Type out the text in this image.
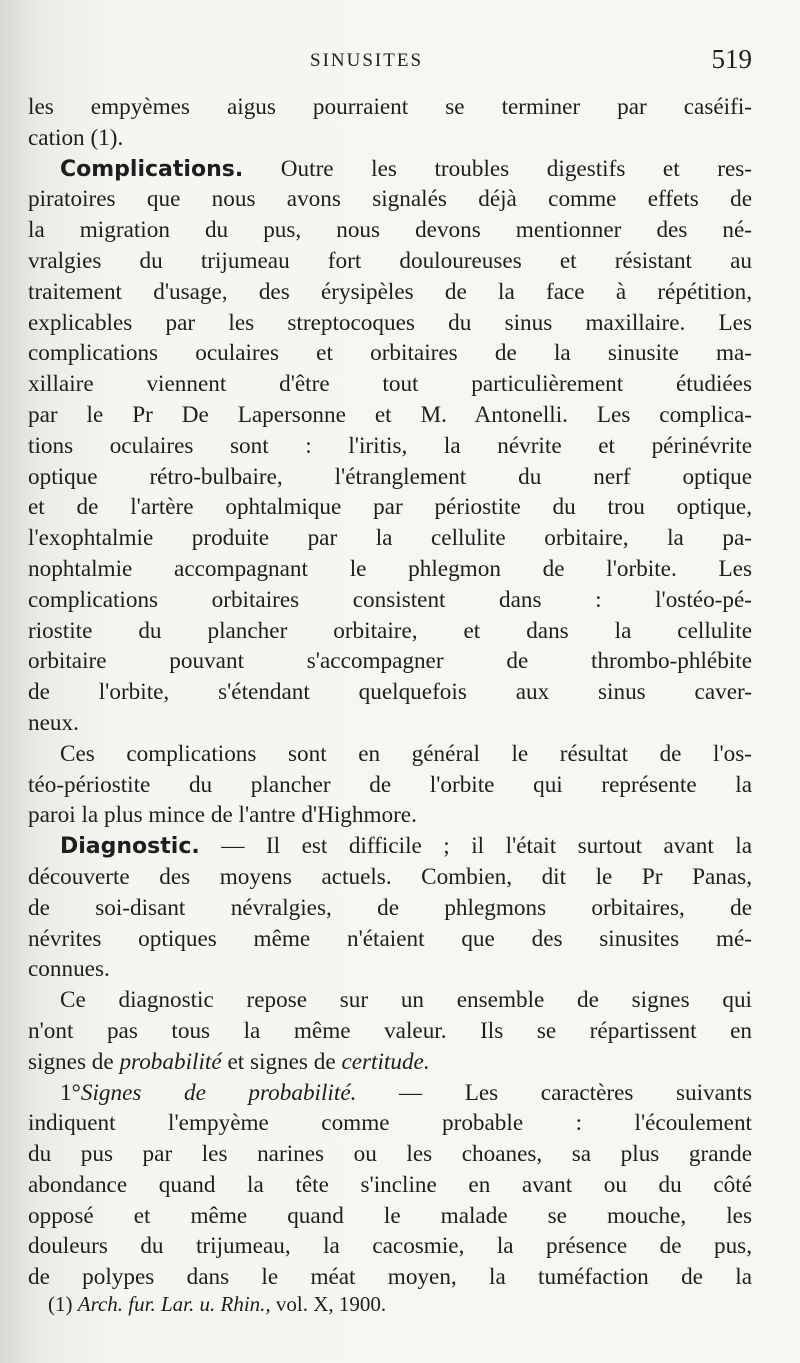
SINUSITES	519
les empyèmes aigus pourraient se terminer par caséifi-
cation (1).
Complications. Outre les troubles digestifs et res-
piratoires que nous avons signalés déjà comme effets de
la migration du pus, nous devons mentionner des né-
vralgies du trijumeau fort douloureuses et résistant au
traitement d'usage, des érysipèles de la face à répétition,
explicables par les streptocoques du sinus maxillaire. Les
complications oculaires et orbitaires de la sinusite ma-
xillaire viennent d'être tout particulièrement étudiées
par le Pr De Lapersonne et M. Antonelli. Les complica-
tions oculaires sont : l'iritis, la névrite et périnévrite
optique rétro-bulbaire, l'étranglement du nerf optique
et de l'artère ophtalmique par périostite du trou optique,
l'exophtalmie produite par la cellulite orbitaire, la pa-
nophtalmie accompagnant le phlegmon de l'orbite. Les
complications orbitaires consistent dans : l'ostéo-pé-
riostite du plancher orbitaire, et dans la cellulite
orbitaire pouvant s'accompagner de thrombo-phlébite
de l'orbite, s'étendant quelquefois aux sinus caver-
neux.
Ces complications sont en général le résultat de l'os-
téo-périostite du plancher de l'orbite qui représente la
paroi la plus mince de l'antre d'Highmore.
Diagnostic. — Il est difficile ; il l'était surtout avant la
découverte des moyens actuels. Combien, dit le Pr Panas,
de soi-disant névralgies, de phlegmons orbitaires, de
névrites optiques même n'étaient que des sinusites mé-
connues.
Ce diagnostic repose sur un ensemble de signes qui
n'ont pas tous la même valeur. Ils se répartissent en
signes de probabilité et signes de certitude.
1°Signes de probabilité. — Les caractères suivants
indiquent l'empyème comme probable : l'écoulement
du pus par les narines ou les choanes, sa plus grande
abondance quand la tête s'incline en avant ou du côté
opposé et même quand le malade se mouche, les
douleurs du trijumeau, la cacosmie, la présence de pus,
de polypes dans le méat moyen, la tuméfaction de la
(1) Arch. fur. Lar. u. Rhin., vol. X, 1900.
